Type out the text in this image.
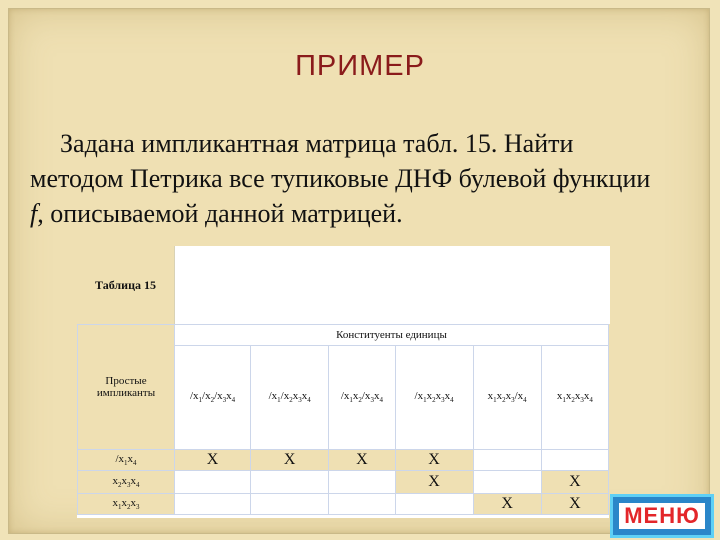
ПРИМЕР
Задана импликантная матрица табл. 15. Найти методом Петрика все тупиковые ДНФ булевой функции f, описываемой данной матрицей.
Таблица 15
Простые импликанты	Конституенты единицы					
	$/x_1/x_2/x_3x_4$	$/x_1/x_2x_3x_4$	$/x_1x_2/x_3x_4$	$/x_1x_2x_3x_4$	$x_1x_2x_3/x_4$	$x_1x_2x_3x_4$
$/x_1x_4$	X	X	X	X		
$x_2x_3x_4$				X		X
$x_1x_2x_3$					X	X МЕНЮ
